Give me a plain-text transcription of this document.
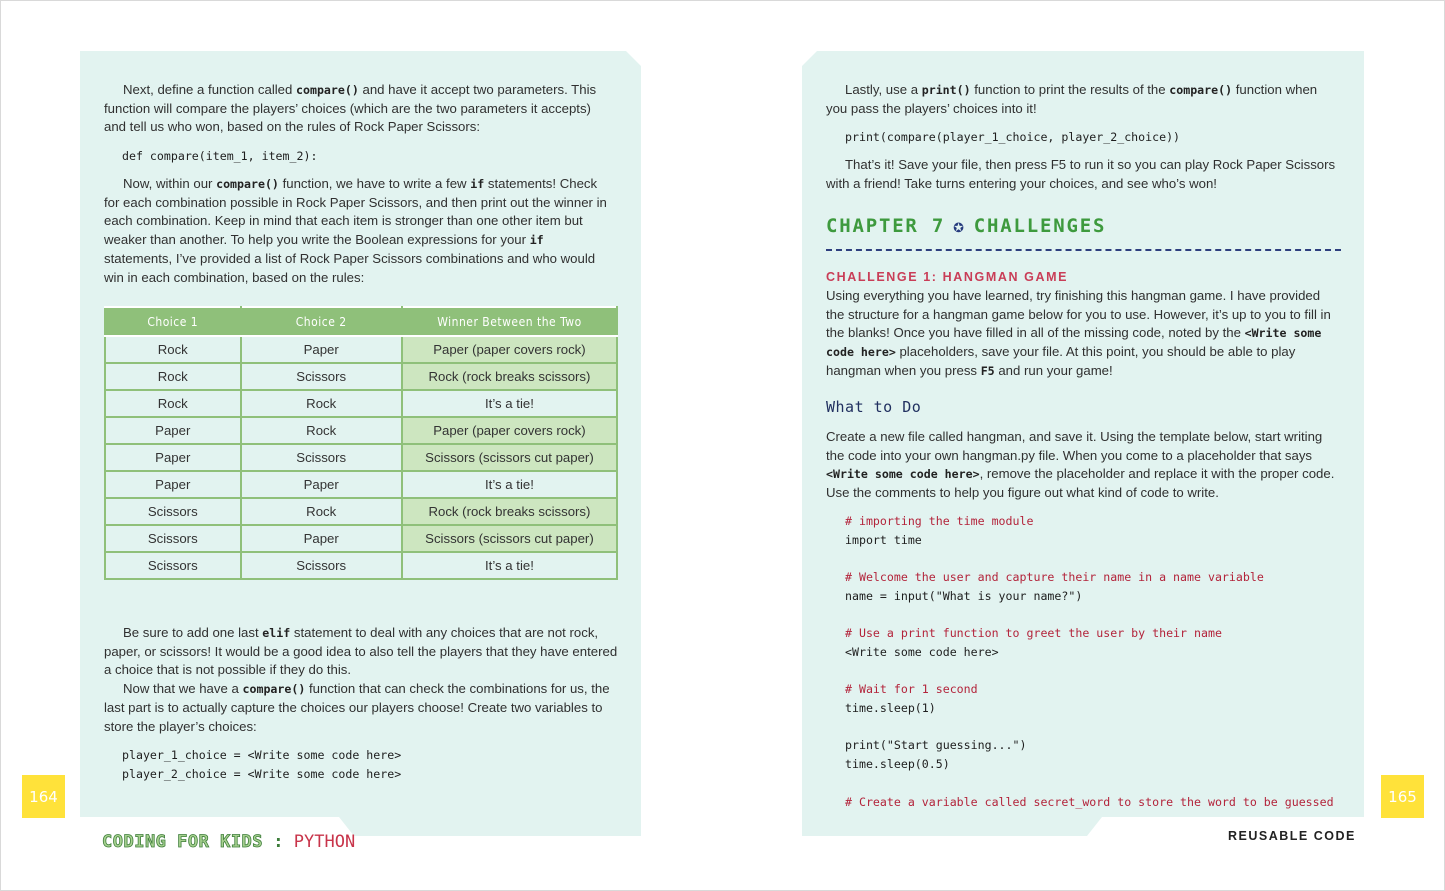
Next, define a function called compare() and have it accept two parameters. This function will compare the players’ choices (which are the two parameters it accepts) and tell us who won, based on the rules of Rock Paper Scissors:

def compare(item_1, item_2):

Now, within our compare() function, we have to write a few if statements! Check for each combination possible in Rock Paper Scissors, and then print out the winner in each combination. Keep in mind that each item is stronger than one other item but weaker than another. To help you write the Boolean expressions for your if statements, I’ve provided a list of Rock Paper Scissors combinations and who would win in each combination, based on the rules:

Choice 1	Choice 2	Winner Between the Two
Rock	Paper	Paper (paper covers rock)
Rock	Scissors	Rock (rock breaks scissors)
Rock	Rock	It’s a tie!
Paper	Rock	Paper (paper covers rock)
Paper	Scissors	Scissors (scissors cut paper)
Paper	Paper	It’s a tie!
Scissors	Rock	Rock (rock breaks scissors)
Scissors	Paper	Scissors (scissors cut paper)
Scissors	Scissors	It’s a tie!

Be sure to add one last elif statement to deal with any choices that are not rock, paper, or scissors! It would be a good idea to also tell the players that they have entered a choice that is not possible if they do this.

Now that we have a compare() function that can check the combinations for us, the last part is to actually capture the choices our players choose! Create two variables to store the player’s choices:

player_1_choice = <Write some code here>
player_2_choice = <Write some code here>
164
CODING FOR KIDS : PYTHON

Lastly, use a print() function to print the results of the compare() function when you pass the players’ choices into it!

print(compare(player_1_choice, player_2_choice))

That’s it! Save your file, then press F5 to run it so you can play Rock Paper Scissors with a friend! Take turns entering your choices, and see who’s won!

CHAPTER 7 ✪ CHALLENGES
CHALLENGE 1: HANGMAN GAME

Using everything you have learned, try finishing this hangman game. I have provided the structure for a hangman game below for you to use. However, it’s up to you to fill in the blanks! Once you have filled in all of the missing code, noted by the <Write some code here> placeholders, save your file. At this point, you should be able to play hangman when you press F5 and run your game!

What to Do

Create a new file called hangman, and save it. Using the template below, start writing the code into your own hangman.py file. When you come to a placeholder that says <Write some code here>, remove the placeholder and replace it with the proper code. Use the comments to help you figure out what kind of code to write.

# importing the time module
import time

# Welcome the user and capture their name in a name variable
name = input("What is your name?")

# Use a print function to greet the user by their name
<Write some code here>

# Wait for 1 second
time.sleep(1)

print("Start guessing...")
time.sleep(0.5)

# Create a variable called secret_word to store the word to be guessed	165
REUSABLE CODE
